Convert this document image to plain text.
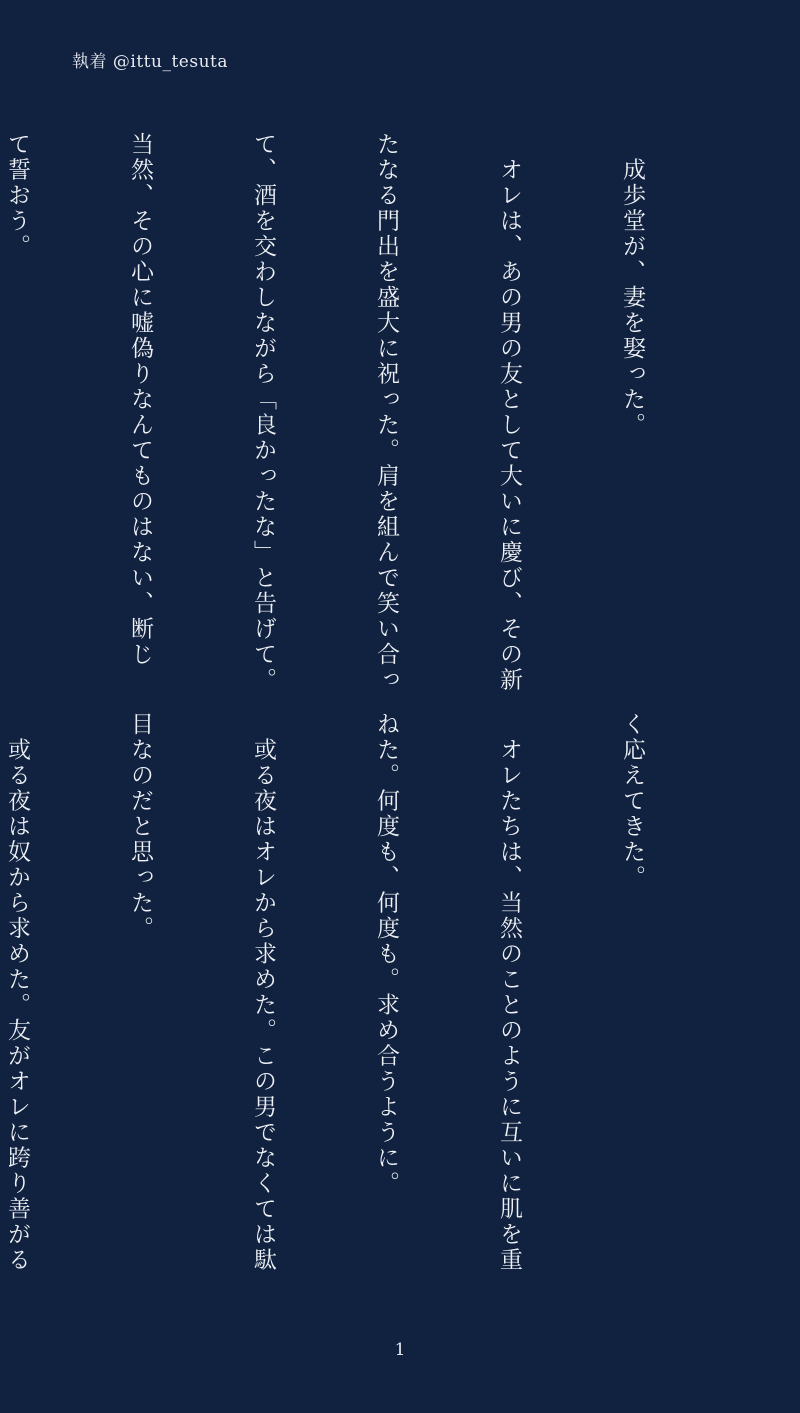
執着 @ittu_tesuta

　成歩堂が、妻を娶った。

　オレは、あの男の友として大いに慶び、その新

たなる門出を盛大に祝った。肩を組んで笑い合っ

て、酒を交わしながら「良かったな」と告げて。

当然、その心に嘘偽りなんてものはない、断じ

て誓おう。

く応えてきた。

　オレたちは、当然のことのように互いに肌を重

ねた。何度も、何度も。求め合うように。

　或る夜はオレから求めた。この男でなくては駄

目なのだと思った。

　或る夜は奴から求めた。友がオレに跨り善がる

1
